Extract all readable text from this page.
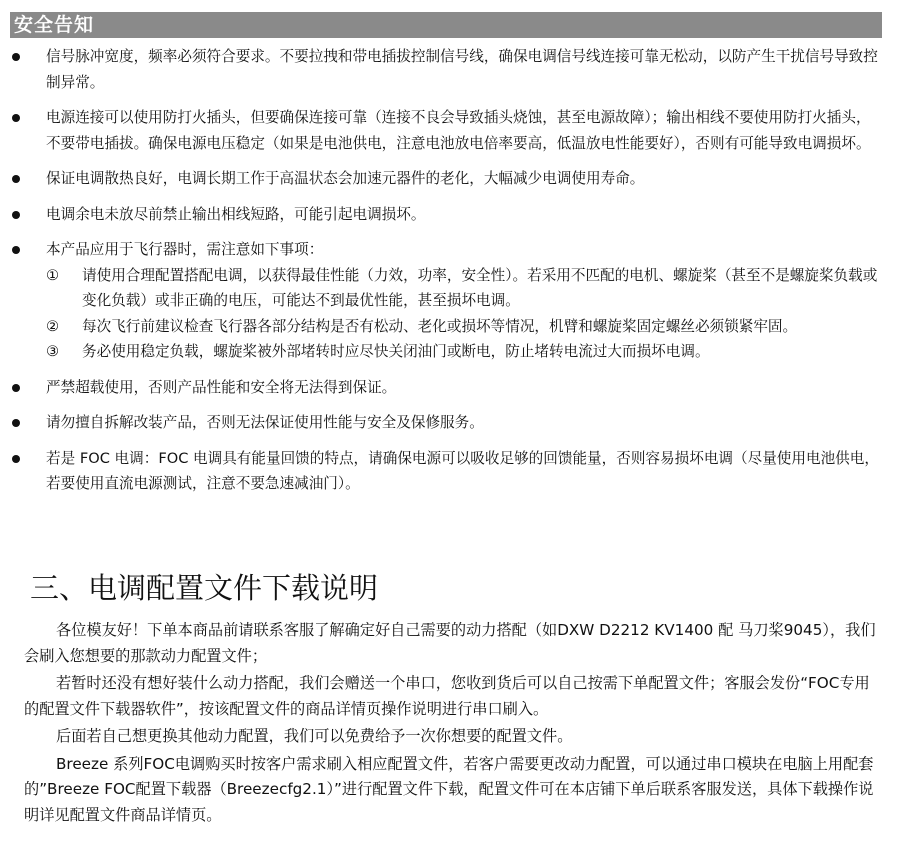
安全告知
信号脉冲宽度，频率必须符合要求。不要拉拽和带电插拔控制信号线，确保电调信号线连接可靠无松动，以防产生干扰信号导致控制异常。
电源连接可以使用防打火插头，但要确保连接可靠（连接不良会导致插头烧蚀，甚至电源故障）；输出相线不要使用防打火插头，不要带电插拔。确保电源电压稳定（如果是电池供电，注意电池放电倍率要高，低温放电性能要好），否则有可能导致电调损坏。
保证电调散热良好，电调长期工作于高温状态会加速元器件的老化，大幅减少电调使用寿命。
电调余电未放尽前禁止输出相线短路，可能引起电调损坏。
本产品应用于飞行器时，需注意如下事项：
① 请使用合理配置搭配电调，以获得最佳性能（力效，功率，安全性）。若采用不匹配的电机、螺旋桨（甚至不是螺旋桨负载或变化负载）或非正确的电压，可能达不到最优性能，甚至损坏电调。
② 每次飞行前建议检查飞行器各部分结构是否有松动、老化或损坏等情况，机臂和螺旋桨固定螺丝必须锁紧牢固。
③ 务必使用稳定负载，螺旋桨被外部堵转时应尽快关闭油门或断电，防止堵转电流过大而损坏电调。
严禁超载使用，否则产品性能和安全将无法得到保证。
请勿擅自拆解改装产品，否则无法保证使用性能与安全及保修服务。
若是 FOC 电调：FOC 电调具有能量回馈的特点，请确保电源可以吸收足够的回馈能量，否则容易损坏电调（尽量使用电池供电，若要使用直流电源测试，注意不要急速减油门）。
三、电调配置文件下载说明

各位模友好！下单本商品前请联系客服了解确定好自己需要的动力搭配（如DXW D2212 KV1400 配 马刀桨9045），我们会刷入您想要的那款动力配置文件；

若暂时还没有想好装什么动力搭配，我们会赠送一个串口，您收到货后可以自己按需下单配置文件；客服会发份“FOC专用的配置文件下载器软件”，按该配置文件的商品详情页操作说明进行串口刷入。

后面若自己想更换其他动力配置，我们可以免费给予一次你想要的配置文件。

Breeze 系列FOC电调购买时按客户需求刷入相应配置文件，若客户需要更改动力配置，可以通过串口模块在电脑上用配套的”Breeze FOC配置下载器（Breezecfg2.1）”进行配置文件下载，配置文件可在本店铺下单后联系客服发送，具体下载操作说明详见配置文件商品详情页。
